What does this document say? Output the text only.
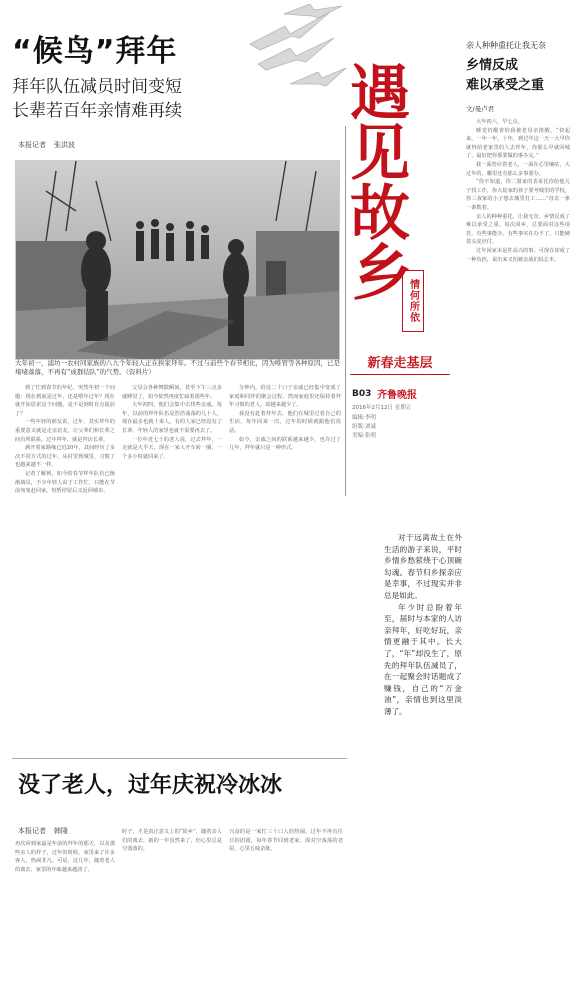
“候鸟”拜年
拜年队伍减员时间变短
长辈若百年亲情难再续
本报记者 张洪波
大年初一，浦坊一农村同家族的八九个年轻人正在挨家拜年。不过与前些个春节相比，因为唯管等各种原因，已是堵堵落落，不再有“成群结队”的气势。（资料片）

到了忙到春节的年纪，突然年初一个问题：现在到底是过年，还是喂年过年？现在就开始思索这个问题，是不是到时有点提前了？

一些年轻的朋友说，过年，其实拜年的重要意义就是走亲访友，让父辈们和长辈之间有所联系，过年拜年，就是拜访长辈。

满开着家路缘已近20年，其间经历了多次不同方式的过年。从村里到城里，习惯了也越来越不一样。

记者了解到，如今的春节拜年队伍已渐渐减员，不少年轻人由于工作忙，只能在节前匆匆赶回家，短暂停留后又返回城市。

父母会各种舞散瞬间，甚至下午三点多就睡觉了，如今依然再度忙碌着那些年。

大年初四，他们会集中去找些亲戚。每年，以前的拜年队伍是浩浩荡荡的几十人，现在最多也就十来人。有的人家已经没有了长辈，年轻人的家里也就不需要再去了。

一位年近七十的老人说，过去拜年，一走就是大半天，现在一家人开车转一圈，一个多小时就回来了。

分钟内，给这二十口子亲戚已经集中变成了家庭和同伴的聚会过程。然而家庭里还保持着拜年习惯的老人，却越来越少了。

我没有赶着拜年去，他们在城里过着自己的生活，每年回来一次，过年的时候就跟他们说话。

如今，亲戚之间的联系越来越少，也许过了几年，拜年就只是一种形式。

没了老人，过年庆祝冷冰冰
本报记者 韩隆
再次回到家最是年前的拜年的那天，以及那些亲人的样子，过年的时候，家里来了许多客人，热闹非凡。可是，这几年，随着老人的离去，家里的年味越来越淡了。
时子，才是真正意义上的“故乡”，随着亲人们的离去，新的一年虽然来了，但心里总是空落落的。
兴奋的是一家忙三十口人的热闹，过年不再有往日的团圆，每年春节回到老家，面对空荡荡的老屋，心里五味杂陈。
遇
见
故
乡
情何所依
新春走基层
B03 齐鲁晚报
2016年2月12日 星期五
编辑:李明
组版:刘诚
美编:张明

对于远离故土在外生活的游子来说，平时乡情乡愁萦绕于心顶碗勾魂。春节归乡探亲应是幸事，不过现实并非总是如此。

年少时总盼着年至，届时与本家的人访亲拜年，好吃好玩，亲情更融于其中。长大了，“年”却没生了，原先的拜年队伍减员了，在一起聚会时话题成了赚钱，自己的“万金油”，亲情也到这里淡薄了。

亲人种种重托让我无奈
乡情反成
难以承受之重
文/曼卢君

大年初六，早七点。

睡觉仍醒着的我被老母亲推醒，“快起来，一年一年，十年，到过年这一天一大早你就得给老家里的人去拜年，你那么早就回城了，最好把你那要做的事办完。”

我一面答应着老人，一面在心里嘀咕，大过年的，哪里还有那么多事要办。

“你不知道，你二舅家的表哥托你给他儿子找工作，你大姑家的孩子要考城里的学校，你三叔家的小子想去城里打工……”母亲一条一条数着。

亲人的种种重托，让我无奈，乡情反成了难以承受之重。每次回乡，总要面对这些请托，有些事能办，有些事实在办不了，只能硬着头皮应付。

过年回家本是件高兴的事，可现在却成了一种负担，说出来又怕被亲戚们说忘本。
